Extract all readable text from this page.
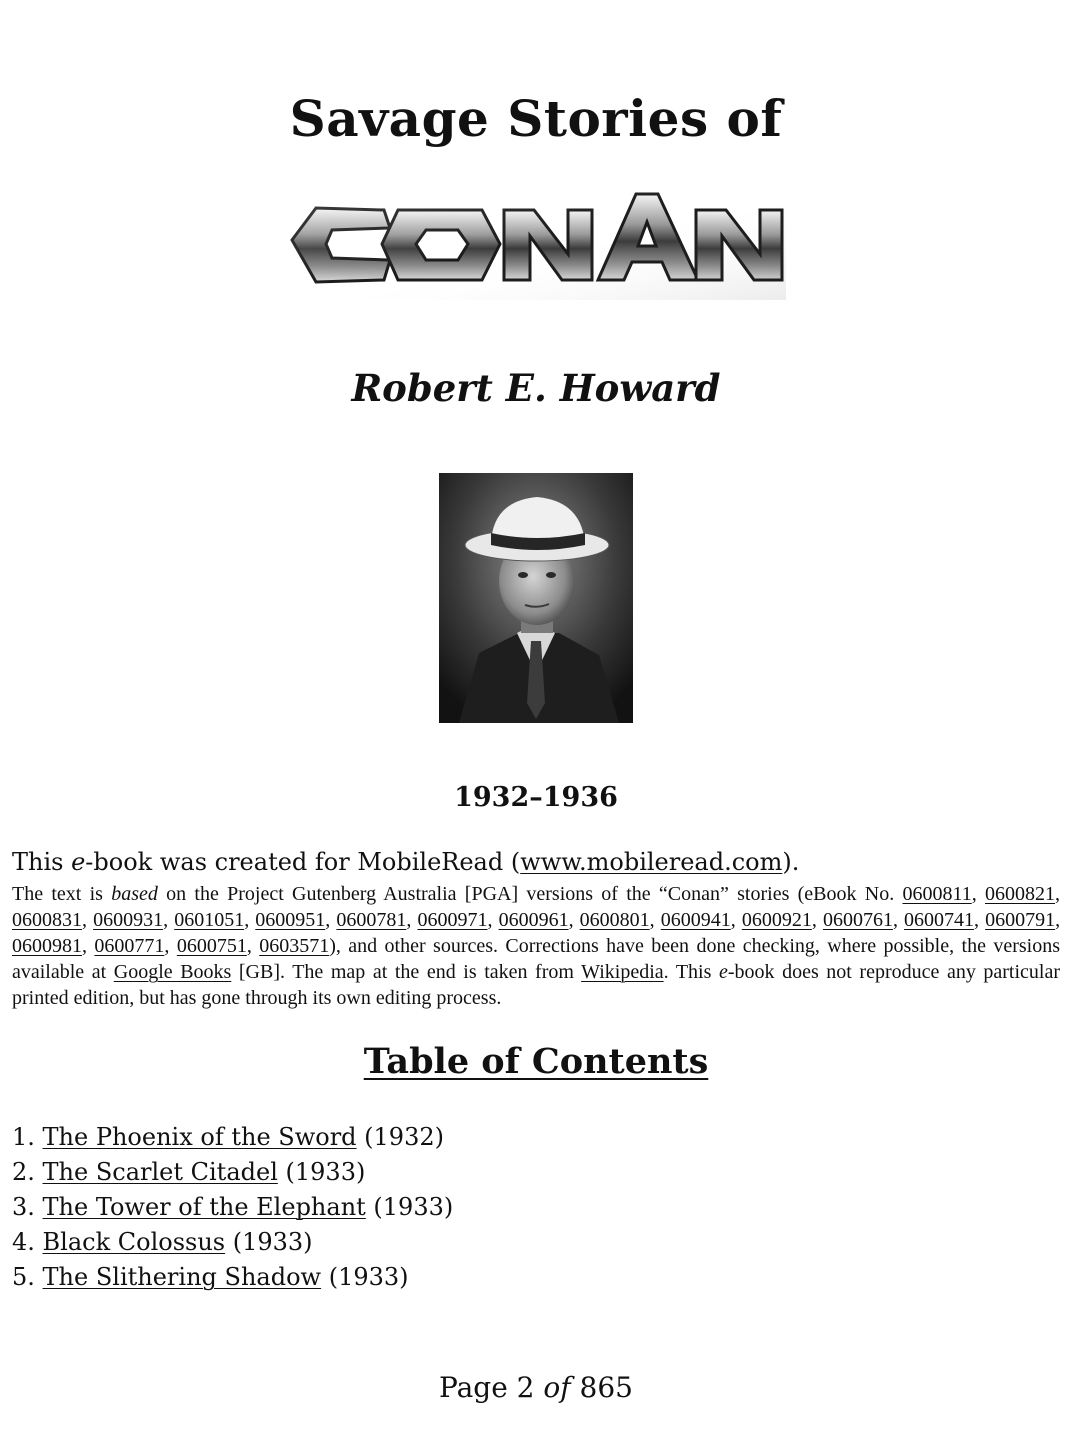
Savage Stories of
Robert E. Howard

1932–1936

This e-book was created for MobileRead (www.mobileread.com).

The text is based on the Project Gutenberg Australia [PGA] versions of the “Conan” stories (eBook No. 0600811, 0600821, 0600831, 0600931, 0601051, 0600951, 0600781, 0600971, 0600961, 0600801, 0600941, 0600921, 0600761, 0600741, 0600791, 0600981, 0600771, 0600751, 0603571), and other sources. Corrections have been done checking, where possible, the versions available at Google Books [GB]. The map at the end is taken from Wikipedia. This e-book does not reproduce any particular printed edition, but has gone through its own editing process.

Table of Contents
1. The Phoenix of the Sword (1932)
2. The Scarlet Citadel (1933)
3. The Tower of the Elephant (1933)
4. Black Colossus (1933)
5. The Slithering Shadow (1933)

Page 2 of 865
